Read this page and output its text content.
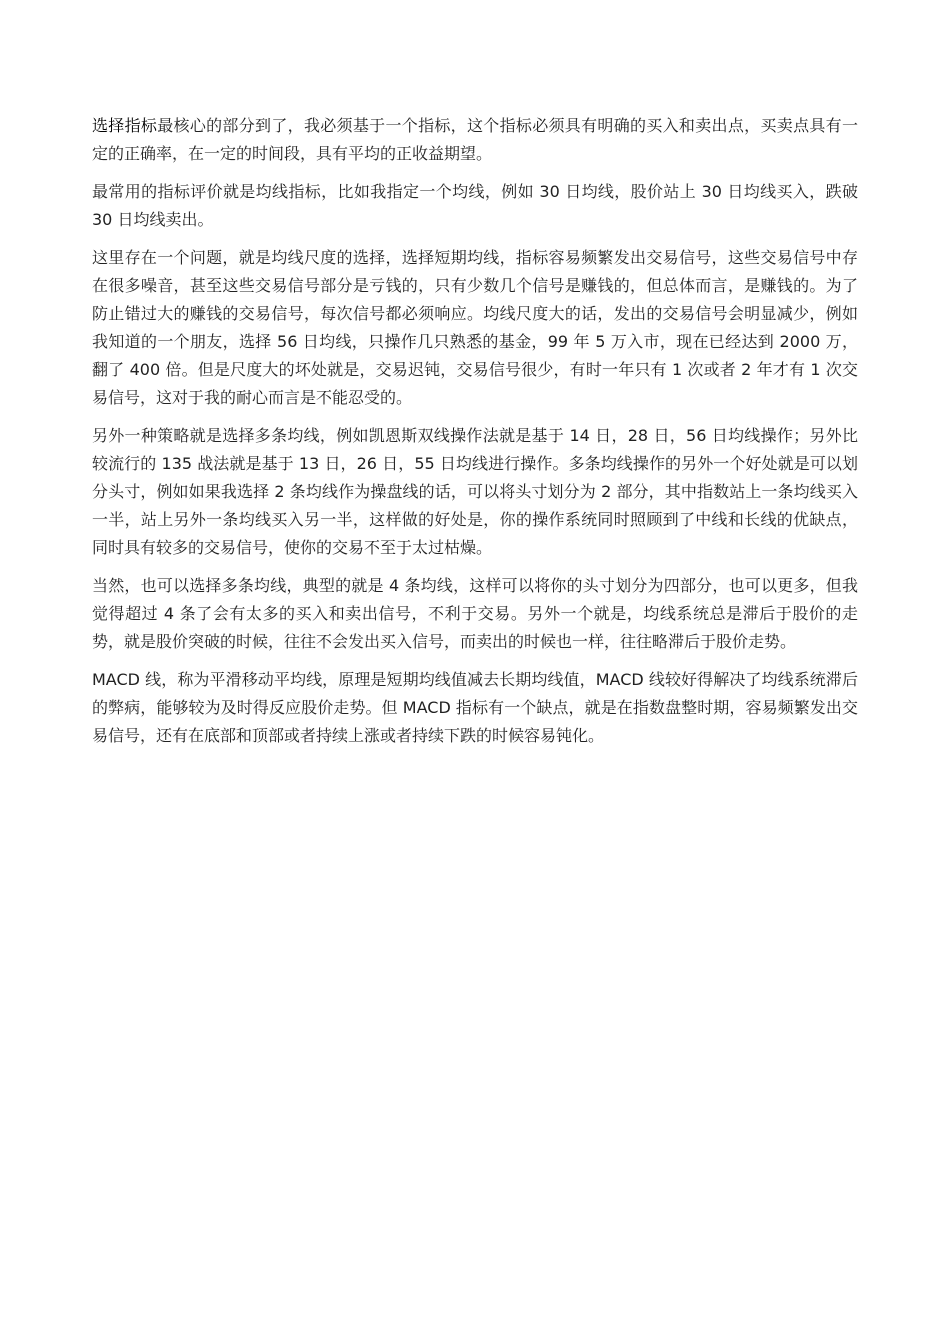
选择指标最核心的部分到了，我必须基于一个指标，这个指标必须具有明确的买入和卖出点，买卖点具有一定的正确率，在一定的时间段，具有平均的正收益期望。

最常用的指标评价就是均线指标，比如我指定一个均线，例如 30 日均线，股价站上 30 日均线买入，跌破 30 日均线卖出。

这里存在一个问题，就是均线尺度的选择，选择短期均线，指标容易频繁发出交易信号，这些交易信号中存在很多噪音，甚至这些交易信号部分是亏钱的，只有少数几个信号是赚钱的，但总体而言，是赚钱的。为了防止错过大的赚钱的交易信号，每次信号都必须响应。均线尺度大的话，发出的交易信号会明显减少，例如我知道的一个朋友，选择 56 日均线，只操作几只熟悉的基金，99 年 5 万入市，现在已经达到 2000 万，翻了 400 倍。但是尺度大的坏处就是，交易迟钝，交易信号很少，有时一年只有 1 次或者 2 年才有 1 次交易信号，这对于我的耐心而言是不能忍受的。

另外一种策略就是选择多条均线，例如凯恩斯双线操作法就是基于 14 日，28 日，56 日均线操作；另外比较流行的 135 战法就是基于 13 日，26 日，55 日均线进行操作。多条均线操作的另外一个好处就是可以划分头寸，例如如果我选择 2 条均线作为操盘线的话，可以将头寸划分为 2 部分，其中指数站上一条均线买入一半，站上另外一条均线买入另一半，这样做的好处是，你的操作系统同时照顾到了中线和长线的优缺点，同时具有较多的交易信号，使你的交易不至于太过枯燥。

当然，也可以选择多条均线，典型的就是 4 条均线，这样可以将你的头寸划分为四部分，也可以更多，但我觉得超过 4 条了会有太多的买入和卖出信号，不利于交易。另外一个就是，均线系统总是滞后于股价的走势，就是股价突破的时候，往往不会发出买入信号，而卖出的时候也一样，往往略滞后于股价走势。

MACD 线，称为平滑移动平均线，原理是短期均线值减去长期均线值，MACD 线较好得解决了均线系统滞后的弊病，能够较为及时得反应股价走势。但 MACD 指标有一个缺点，就是在指数盘整时期，容易频繁发出交易信号，还有在底部和顶部或者持续上涨或者持续下跌的时候容易钝化。
